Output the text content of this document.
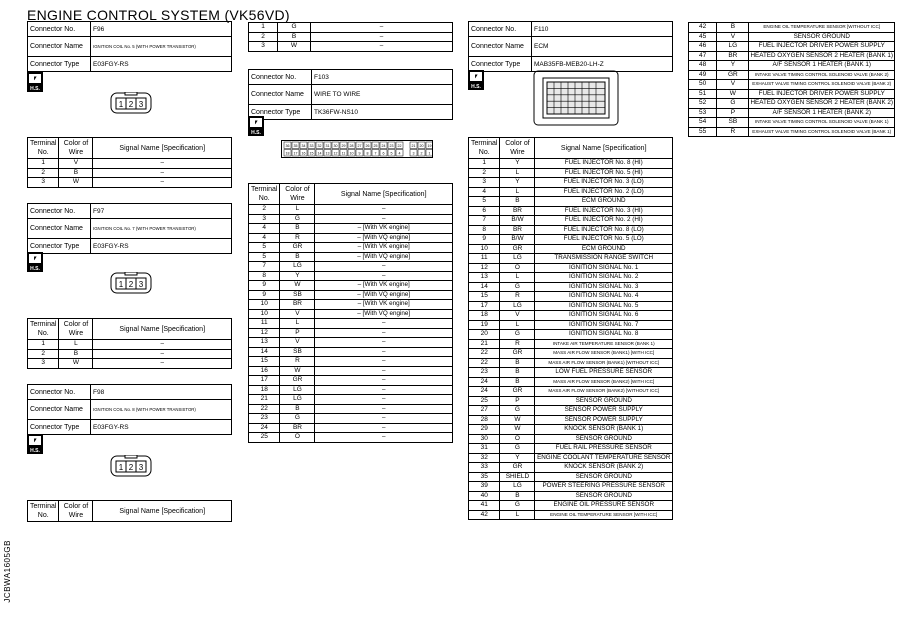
ENGINE CONTROL SYSTEM (VK56VD)
Connector No.	F96
Connector Name	IGNITION COIL No. 5 (WITH POWER TRANSISTOR)
Connector Type	E03FGY-RS
⎖
H.S.
1 2 3
Terminal No.	Color of Wire	Signal Name [Specification]
1	V	–
2	B	–
3	W	–
Connector No.	F97
Connector Name	IGNITION COIL No. 7 (WITH POWER TRANSISTOR)
Connector Type	E03FGY-RS
⎖
H.S.
1 2 3
Terminal No.	Color of Wire	Signal Name [Specification]
1	L	–
2	B	–
3	W	–
Connector No.	F98
Connector Name	IGNITION COIL No. 8 (WITH POWER TRANSISTOR)
Connector Type	E03FGY-RS
⎖
H.S.
1 2 3
Terminal No.	Color of Wire	Signal Name [Specification]
1	G	–
2	B	–
3	W	–
Connector No.	F103
Connector Name	WIRE TO WIRE
Connector Type	TK36FW-NS10
⎖
H.S.
36 35 34 33 32 31 30 29 28 27 26 25 24 23 22	21 20 19
18 17 16 15 14 13 12 11 10 9 8 7 6 5 4	3 2 1
Terminal No.	Color of Wire	Signal Name [Specification]
2	L	–
3	G	–
4	B	– [With VK engine]
4	R	– [With VQ engine]
5	GR	– [With VK engine]
5	B	– [With VQ engine]
7	LG	–
8	Y	–
9	W	– [With VK engine]
9	SB	– [With VQ engine]
10	BR	– [With VK engine]
10	V	– [With VQ engine]
11	L	–
12	P	–
13	V	–
14	SB	–
15	R	–
16	W	–
17	GR	–
18	LG	–
21	LG	–
22	B	–
23	G	–
24	BR	–
25	O	–
Connector No.	F110
Connector Name	ECM
Connector Type	MAB35FB-MEB20-LH-Z
⎖
H.S.
Terminal No.	Color of Wire	Signal Name [Specification]
1	Y	FUEL INJECTOR No. 8 (HI)
2	L	FUEL INJECTOR No. 5 (HI)
3	Y	FUEL INJECTOR No. 3 (LO)
4	L	FUEL INJECTOR No. 2 (LO)
5	B	ECM GROUND
6	BR	FUEL INJECTOR No. 3 (HI)
7	B/W	FUEL INJECTOR No. 2 (HI)
8	BR	FUEL INJECTOR No. 8 (LO)
9	B/W	FUEL INJECTOR No. 5 (LO)
10	GR	ECM GROUND
11	LG	TRANSMISSION RANGE SWITCH
12	O	IGNITION SIGNAL No. 1
13	L	IGNITION SIGNAL No. 2
14	G	IGNITION SIGNAL No. 3
15	R	IGNITION SIGNAL No. 4
17	LG	IGNITION SIGNAL No. 5
18	V	IGNITION SIGNAL No. 6
19	L	IGNITION SIGNAL No. 7
20	G	IGNITION SIGNAL No. 8
21	R	INTAKE AIR TEMPERATURE SENSOR (BANK 1)
22	GR	MASS AIR FLOW SENSOR (BANK1) [WITH ICC]
22	B	MASS AIR FLOW SENSOR (BANK1) [WITHOUT ICC]
23	B	LOW FUEL PRESSURE SENSOR
24	B	MASS AIR FLOW SENSOR (BANK2) [WITH ICC]
24	GR	MASS AIR FLOW SENSOR (BANK2) [WITHOUT ICC]
25	P	SENSOR GROUND
27	G	SENSOR POWER SUPPLY
28	W	SENSOR POWER SUPPLY
29	W	KNOCK SENSOR (BANK 1)
30	O	SENSOR GROUND
31	G	FUEL RAIL PRESSURE SENSOR
32	Y	ENGINE COOLANT TEMPERATURE SENSOR
33	GR	KNOCK SENSOR (BANK 2)
35	SHIELD	SENSOR GROUND
39	LG	POWER STEERING PRESSURE SENSOR
40	B	SENSOR GROUND
41	G	ENGINE OIL PRESSURE SENSOR
42	L	ENGINE OIL TEMPERATURE SENSOR [WITH ICC]
42	B	ENGINE OIL TEMPERATURE SENSOR [WITHOUT ICC]
45	V	SENSOR GROUND
46	LG	FUEL INJECTOR DRIVER POWER SUPPLY
47	BR	HEATED OXYGEN SENSOR 2 HEATER (BANK 1)
48	Y	A/F SENSOR 1 HEATER (BANK 1)
49	GR	INTAKE VALVE TIMING CONTROL SOLENOID VALVE (BANK 2)
50	V	EXHAUST VALVE TIMING CONTROL SOLENOID VALVE (BANK 2)
51	W	FUEL INJECTOR DRIVER POWER SUPPLY
52	G	HEATED OXYGEN SENSOR 2 HEATER (BANK 2)
53	P	A/F SENSOR 1 HEATER (BANK 2)
54	SB	INTAKE VALVE TIMING CONTROL SOLENOID VALVE (BANK 1)
55	R	EXHAUST VALVE TIMING CONTROL SOLENOID VALVE (BANK 1)
JCBWA1605GB
